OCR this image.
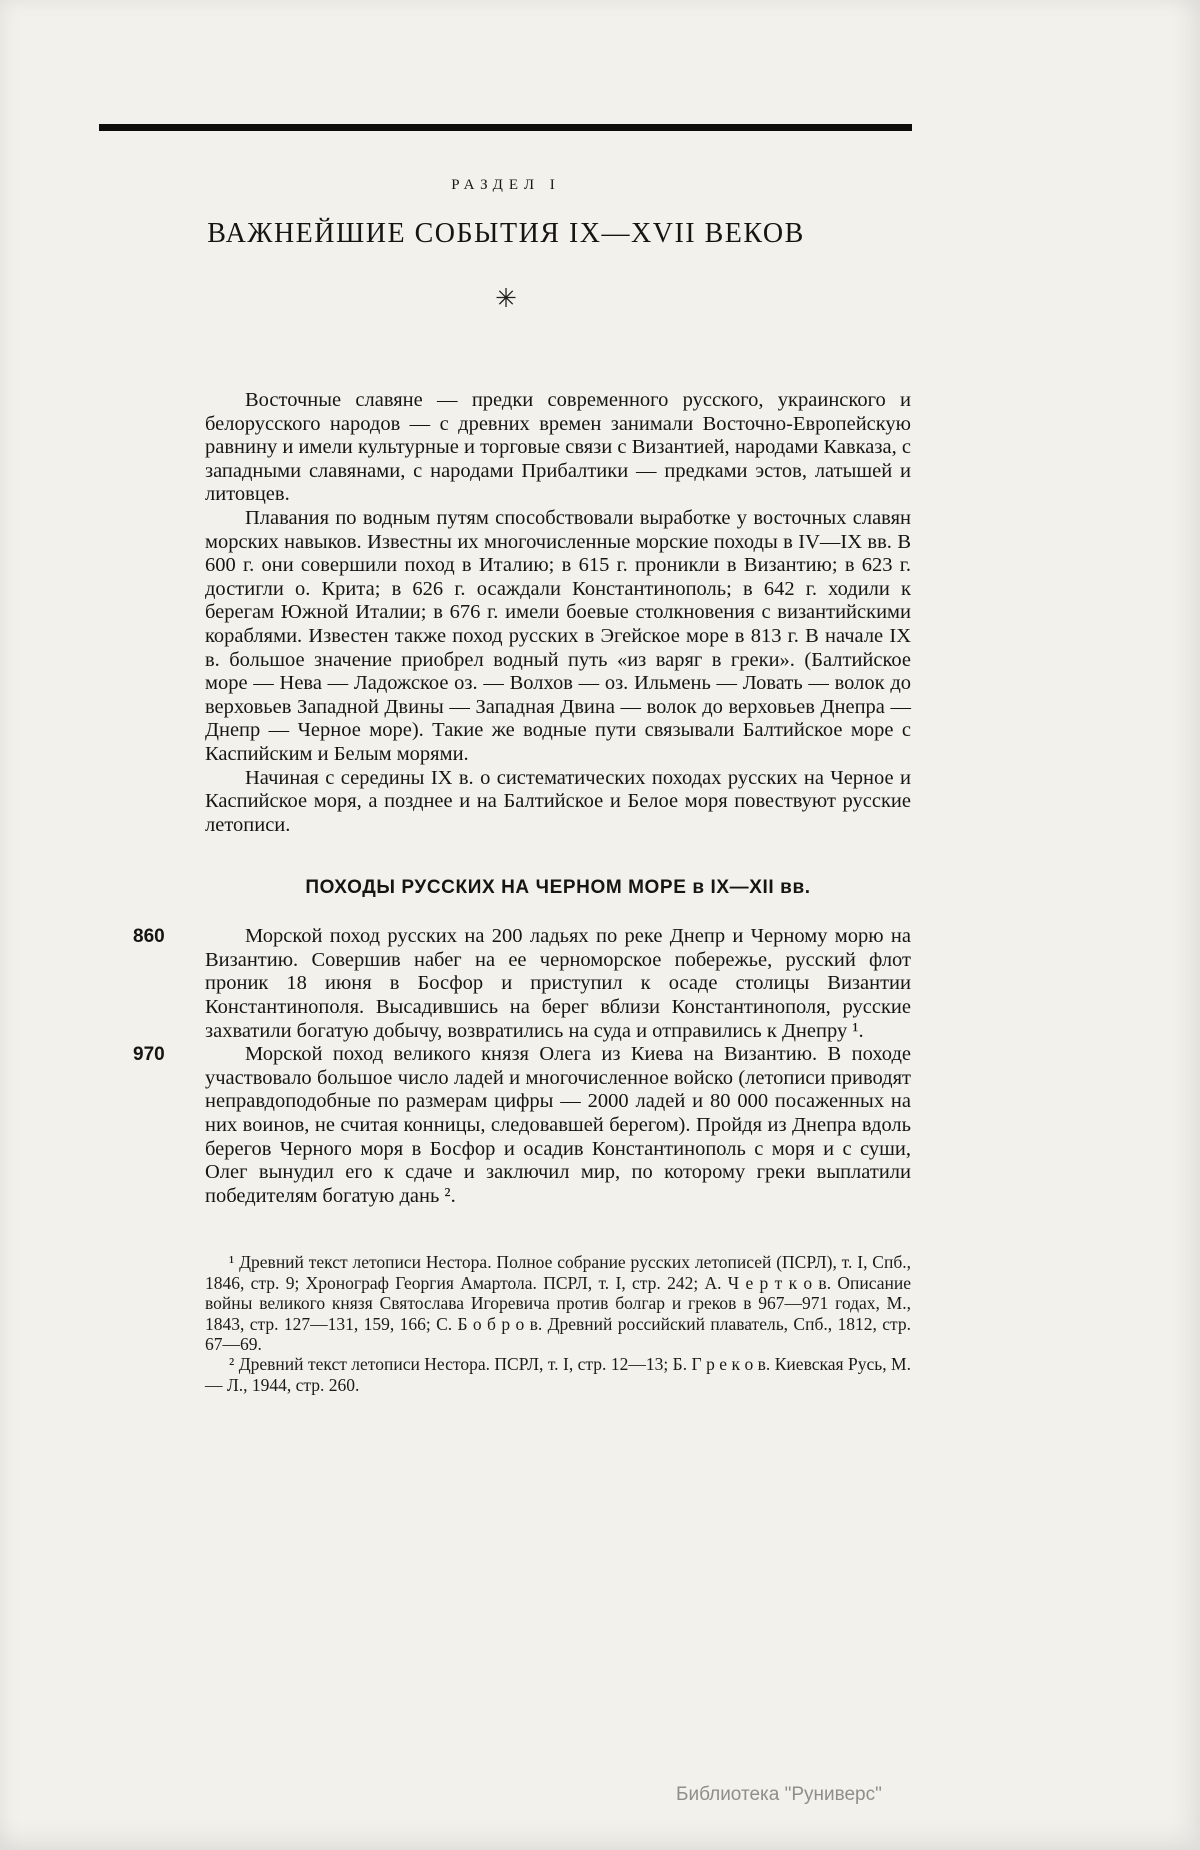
РАЗДЕЛ I
ВАЖНЕЙШИЕ СОБЫТИЯ IX—XVII ВЕКОВ
✳

Восточные славяне — предки современного русского, украинского и белорусского народов — с древних времен занимали Восточно-Европейскую равнину и имели культурные и торговые связи с Византией, народами Кавказа, с западными славянами, с народами Прибалтики — предками эстов, латышей и литовцев.

Плавания по водным путям способствовали выработке у восточных славян морских навыков. Известны их многочисленные морские походы в IV—IX вв. В 600 г. они совершили поход в Италию; в 615 г. проникли в Византию; в 623 г. достигли о. Крита; в 626 г. осаждали Константинополь; в 642 г. ходили к берегам Южной Италии; в 676 г. имели боевые столкновения с византийскими кораблями. Известен также поход русских в Эгейское море в 813 г. В начале IX в. большое значение приобрел водный путь «из варяг в греки». (Балтийское море — Нева — Ладожское оз. — Волхов — оз. Ильмень — Ловать — волок до верховьев Западной Двины — Западная Двина — волок до верховьев Днепра — Днепр — Черное море). Такие же водные пути связывали Балтийское море с Каспийским и Белым морями.

Начиная с середины IX в. о систематических походах русских на Черное и Каспийское моря, а позднее и на Балтийское и Белое моря повествуют русские летописи.

ПОХОДЫ РУССКИХ НА ЧЕРНОМ МОРЕ в IX—XII вв.
860	Морской поход русских на 200 ладьях по реке Днепр и Черному морю на Византию. Совершив набег на ее черноморское побережье, русский флот проник 18 июня в Босфор и приступил к осаде столицы Византии Константинополя. Высадившись на берег вблизи Константинополя, русские захватили богатую добычу, возвратились на суда и отправились к Днепру ¹.

970	Морской поход великого князя Олега из Киева на Византию. В походе участвовало большое число ладей и многочисленное войско (летописи приводят неправдоподобные по размерам цифры — 2000 ладей и 80 000 посаженных на них воинов, не считая конницы, следовавшей берегом). Пройдя из Днепра вдоль берегов Черного моря в Босфор и осадив Константинополь с моря и с суши, Олег вынудил его к сдаче и заключил мир, по которому греки выплатили победителям богатую дань ².

¹ Древний текст летописи Нестора. Полное собрание русских летописей (ПСРЛ), т. I, Спб., 1846, стр. 9; Хронограф Георгия Амартола. ПСРЛ, т. I, стр. 242; А. Ч е р т к о в. Описание войны великого князя Святослава Игоревича против болгар и греков в 967—971 годах, М., 1843, стр. 127—131, 159, 166; С. Б о б р о в. Древний российский плаватель, Спб., 1812, стр. 67—69.

² Древний текст летописи Нестора. ПСРЛ, т. I, стр. 12—13; Б. Г р е к о в. Киевская Русь, М. — Л., 1944, стр. 260.

Библиотека "Руниверс"
